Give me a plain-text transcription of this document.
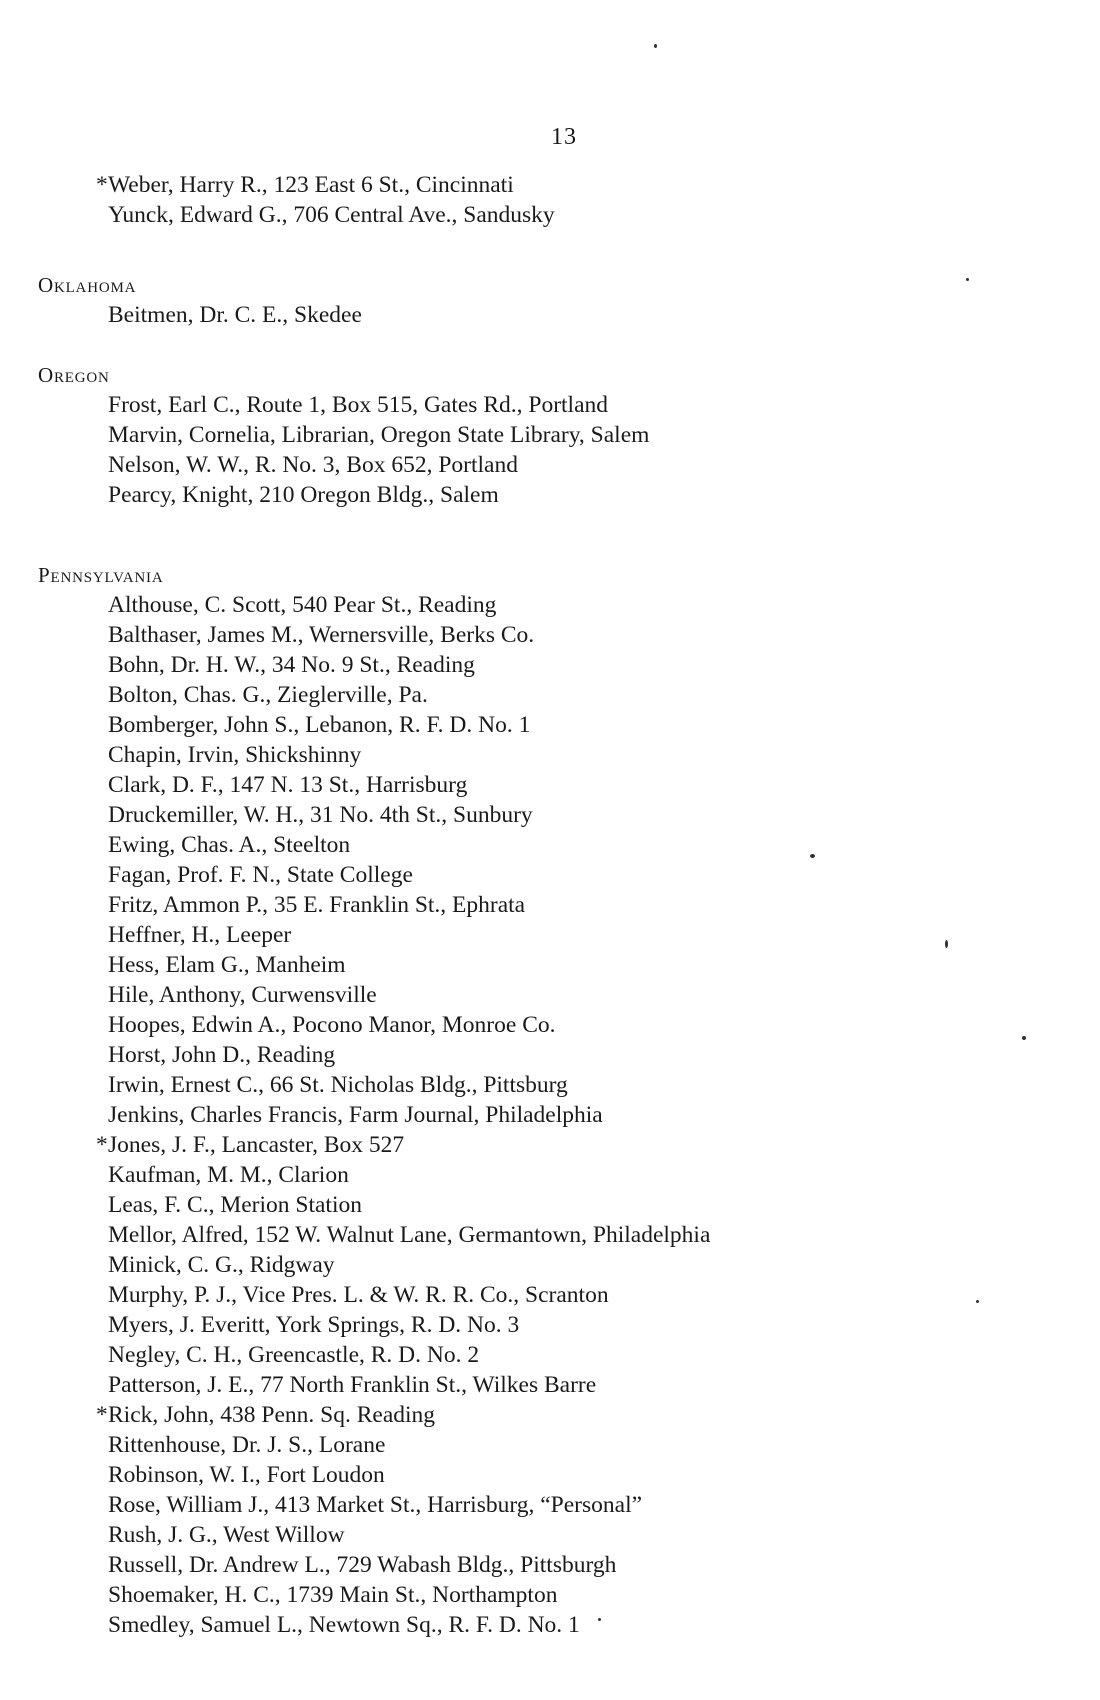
13
* Weber, Harry R., 123 East 6 St., Cincinnati
Yunck, Edward G., 706 Central Ave., Sandusky
Oklahoma
Beitmen, Dr. C. E., Skedee
Oregon
Frost, Earl C., Route 1, Box 515, Gates Rd., Portland
Marvin, Cornelia, Librarian, Oregon State Library, Salem
Nelson, W. W., R. No. 3, Box 652, Portland
Pearcy, Knight, 210 Oregon Bldg., Salem
Pennsylvania
Althouse, C. Scott, 540 Pear St., Reading
Balthaser, James M., Wernersville, Berks Co.
Bohn, Dr. H. W., 34 No. 9 St., Reading
Bolton, Chas. G., Zieglerville, Pa.
Bomberger, John S., Lebanon, R. F. D. No. 1
Chapin, Irvin, Shickshinny
Clark, D. F., 147 N. 13 St., Harrisburg
Druckemiller, W. H., 31 No. 4th St., Sunbury
Ewing, Chas. A., Steelton
Fagan, Prof. F. N., State College
Fritz, Ammon P., 35 E. Franklin St., Ephrata
Heffner, H., Leeper
Hess, Elam G., Manheim
Hile, Anthony, Curwensville
Hoopes, Edwin A., Pocono Manor, Monroe Co.
Horst, John D., Reading
Irwin, Ernest C., 66 St. Nicholas Bldg., Pittsburg
Jenkins, Charles Francis, Farm Journal, Philadelphia
* Jones, J. F., Lancaster, Box 527
Kaufman, M. M., Clarion
Leas, F. C., Merion Station
Mellor, Alfred, 152 W. Walnut Lane, Germantown, Philadelphia
Minick, C. G., Ridgway
Murphy, P. J., Vice Pres. L. & W. R. R. Co., Scranton
Myers, J. Everitt, York Springs, R. D. No. 3
Negley, C. H., Greencastle, R. D. No. 2
Patterson, J. E., 77 North Franklin St., Wilkes Barre
* Rick, John, 438 Penn. Sq. Reading
Rittenhouse, Dr. J. S., Lorane
Robinson, W. I., Fort Loudon
Rose, William J., 413 Market St., Harrisburg, “Personal”
Rush, J. G., West Willow
Russell, Dr. Andrew L., 729 Wabash Bldg., Pittsburgh
Shoemaker, H. C., 1739 Main St., Northampton
Smedley, Samuel L., Newtown Sq., R. F. D. No. 1
